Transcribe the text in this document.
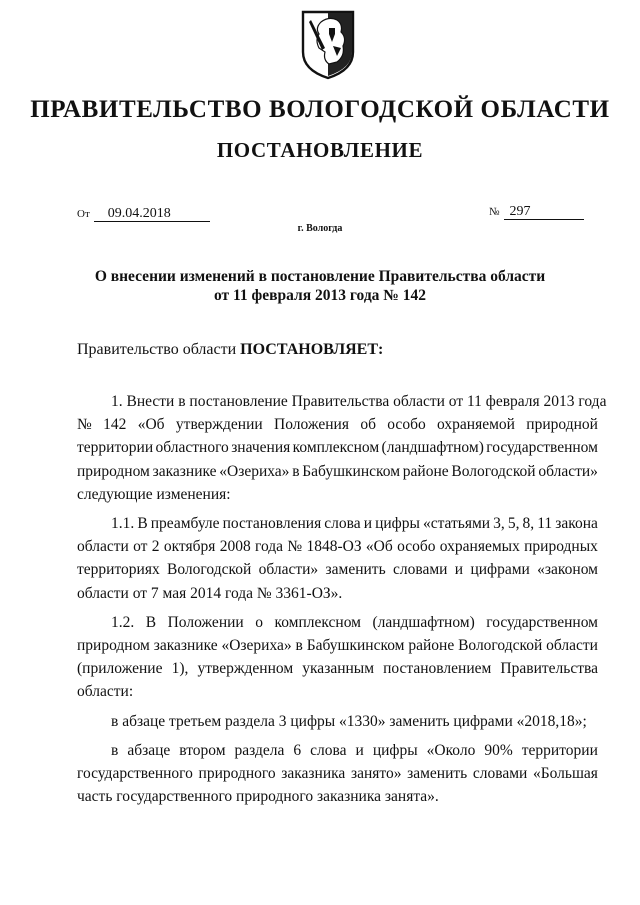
ПРАВИТЕЛЬСТВО ВОЛОГОДСКОЙ ОБЛАСТИ
ПОСТАНОВЛЕНИЕ
От 09.04.2018	№ 297
г. Вологда
О внесении изменений в постановление Правительства области
от 11 февраля 2013 года № 142
Правительство области ПОСТАНОВЛЯЕТ:
1. Внести в постановление Правительства области от 11 февраля 2013 года
№ 142 «Об утверждении Положения об особо охраняемой природной
территории областного значения комплексном (ландшафтном) государственном
природном заказнике «Озериха» в Бабушкинском районе Вологодской области»
следующие изменения:
1.1. В преамбуле постановления слова и цифры «статьями 3, 5, 8, 11 закона
области от 2 октября 2008 года № 1848-ОЗ «Об особо охраняемых природных
территориях Вологодской области» заменить словами и цифрами «законом
области от 7 мая 2014 года № 3361-ОЗ».
1.2. В Положении о комплексном (ландшафтном) государственном
природном заказнике «Озериха» в Бабушкинском районе Вологодской области
(приложение 1), утвержденном указанным постановлением Правительства
области:
в абзаце третьем раздела 3 цифры «1330» заменить цифрами «2018,18»;
в абзаце втором раздела 6 слова и цифры «Около 90% территории
государственного природного заказника занято» заменить словами «Большая
часть государственного природного заказника занята».
